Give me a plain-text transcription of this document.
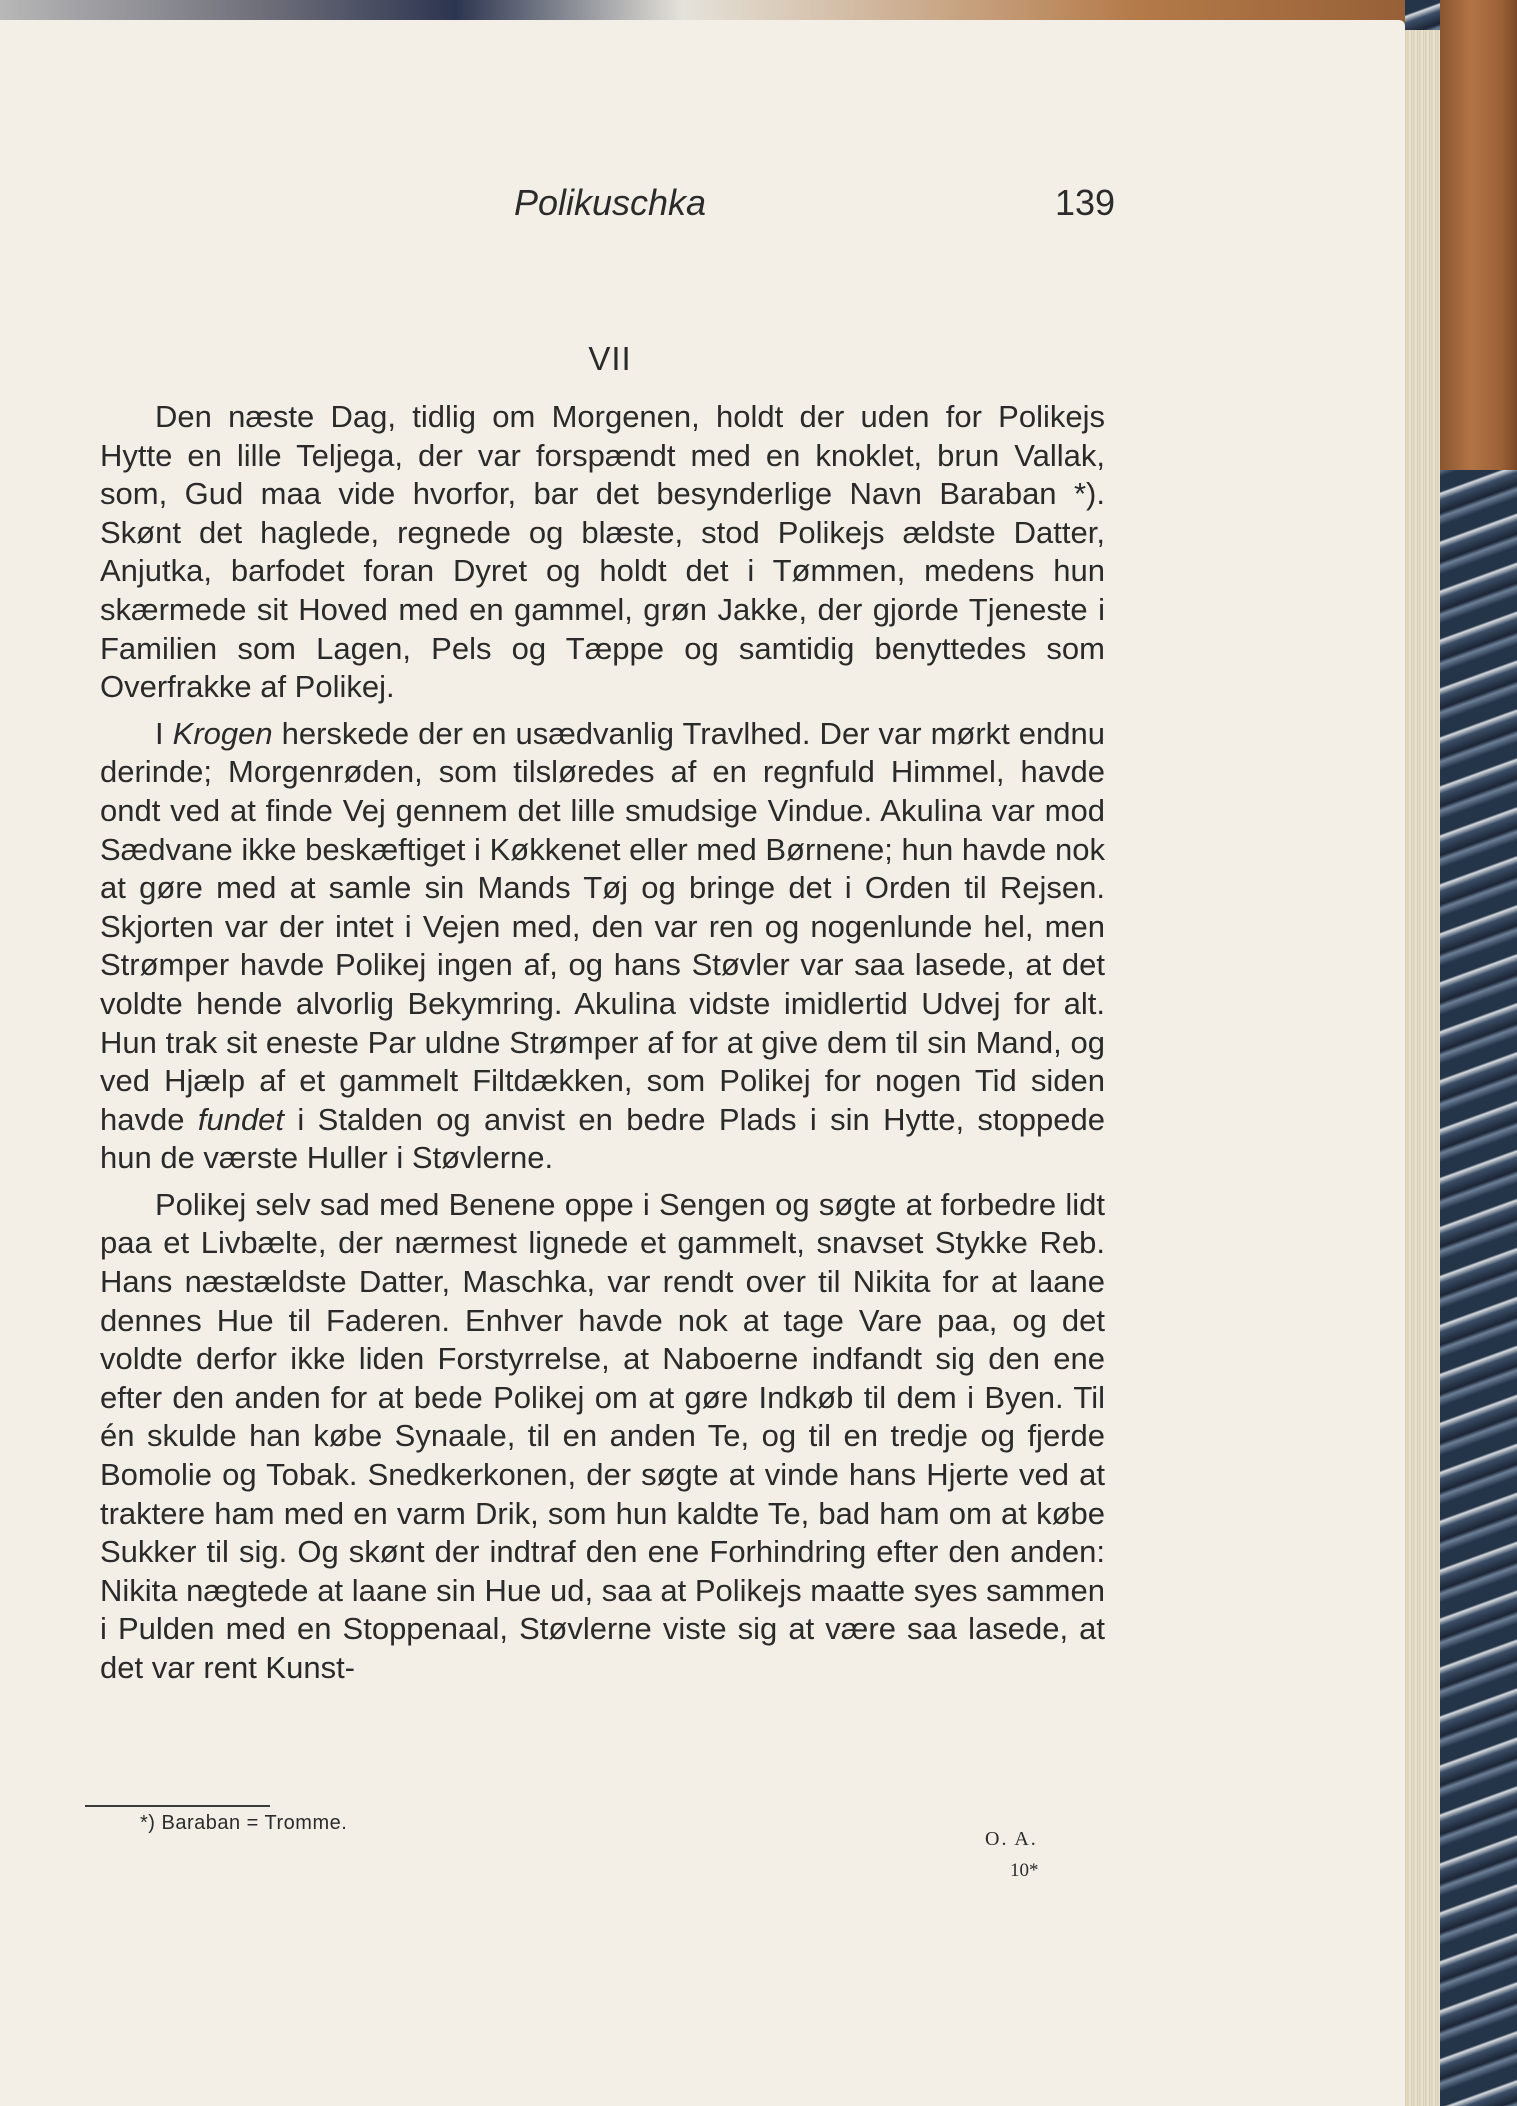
Polikuschka	139
VII

Den næste Dag, tidlig om Morgenen, holdt der uden for Polikejs Hytte en lille Teljega, der var forspændt med en knoklet, brun Vallak, som, Gud maa vide hvorfor, bar det besynderlige Navn Baraban *). Skønt det haglede, regnede og blæste, stod Polikejs ældste Datter, Anjutka, barfodet foran Dyret og holdt det i Tømmen, medens hun skærmede sit Hoved med en gammel, grøn Jakke, der gjorde Tjeneste i Familien som Lagen, Pels og Tæppe og samtidig benyttedes som Overfrakke af Polikej.

I Krogen herskede der en usædvanlig Travlhed. Der var mørkt endnu derinde; Morgenrøden, som tilsløredes af en regnfuld Himmel, havde ondt ved at finde Vej gennem det lille smudsige Vindue. Akulina var mod Sædvane ikke beskæftiget i Køkkenet eller med Børnene; hun havde nok at gøre med at samle sin Mands Tøj og bringe det i Orden til Rejsen. Skjorten var der intet i Vejen med, den var ren og nogenlunde hel, men Strømper havde Polikej ingen af, og hans Støvler var saa lasede, at det voldte hende alvorlig Bekymring. Akulina vidste imidlertid Udvej for alt. Hun trak sit eneste Par uldne Strømper af for at give dem til sin Mand, og ved Hjælp af et gammelt Filtdækken, som Polikej for nogen Tid siden havde fundet i Stalden og anvist en bedre Plads i sin Hytte, stoppede hun de værste Huller i Støvlerne.

Polikej selv sad med Benene oppe i Sengen og søgte at forbedre lidt paa et Livbælte, der nærmest lignede et gammelt, snavset Stykke Reb. Hans næstældste Datter, Maschka, var rendt over til Nikita for at laane dennes Hue til Faderen. Enhver havde nok at tage Vare paa, og det voldte derfor ikke liden Forstyrrelse, at Naboerne indfandt sig den ene efter den anden for at bede Polikej om at gøre Indkøb til dem i Byen. Til én skulde han købe Synaale, til en anden Te, og til en tredje og fjerde Bomolie og Tobak. Snedkerkonen, der søgte at vinde hans Hjerte ved at traktere ham med en varm Drik, som hun kaldte Te, bad ham om at købe Sukker til sig. Og skønt der indtraf den ene Forhindring efter den anden: Nikita nægtede at laane sin Hue ud, saa at Polikejs maatte syes sammen i Pulden med en Stoppenaal, Støvlerne viste sig at være saa lasede, at det var rent Kunst-

*) Baraban = Tromme.
O. A.
10*
